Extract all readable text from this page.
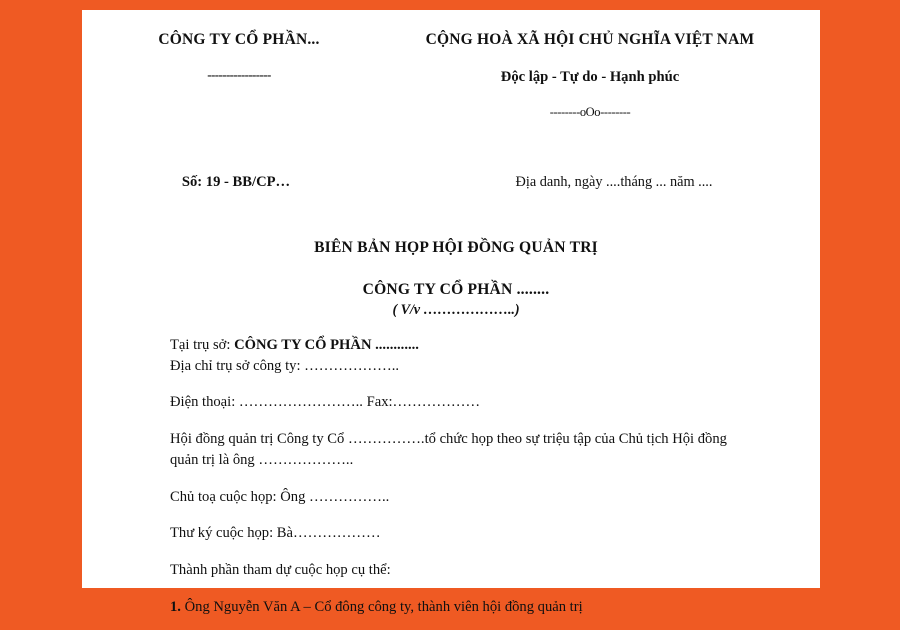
CÔNG TY CỔ PHẦN...
-----------------
CỘNG HOÀ XÃ HỘI CHỦ NGHĨA VIỆT NAM
Độc lập - Tự do - Hạnh phúc
--------oOo--------
Số: 19 - BB/CP…	Địa danh, ngày ....tháng ... năm ....
BIÊN BẢN HỌP HỘI ĐỒNG QUẢN TRỊ
CÔNG TY CỔ PHẦN ........
( V/v ………………..)

Tại trụ sở: CÔNG TY CỔ PHẦN ............

Địa chỉ trụ sở công ty: ………………..

Điện thoại: …………………….. Fax:………………

Hội đồng quản trị Công ty Cổ …………….tổ chức họp theo sự triệu tập của Chủ tịch Hội đồng quản trị là ông ………………..

Chủ toạ cuộc họp: Ông ……………..

Thư ký cuộc họp: Bà………………

Thành phần tham dự cuộc họp cụ thể:

1. Ông Nguyễn Văn A – Cổ đông công ty, thành viên hội đồng quản trị
